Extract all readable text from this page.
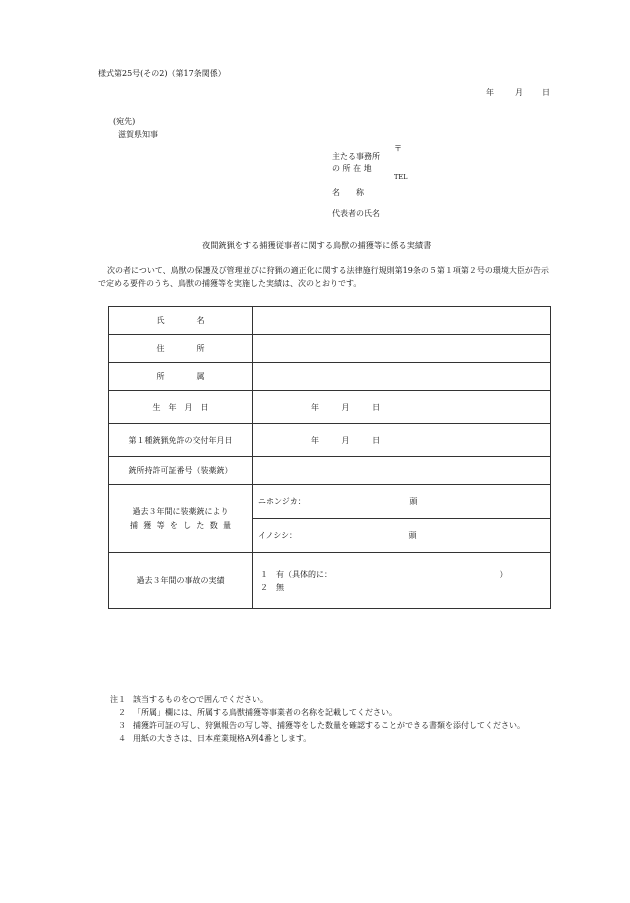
様式第25号(その2)（第17条関係）
年	月 日
(宛先)
滋賀県知事
〒
主たる事務所
の 所 在 地
TEL
名　　称
代表者の氏名
夜間銃猟をする捕獲従事者に関する鳥獣の捕獲等に係る実績書
次の者について、鳥獣の保護及び管理並びに狩猟の適正化に関する法律施行規則第19条の５第１項第２号の環境大臣が告示で定める要件のうち、鳥獣の捕獲等を実施した実績は、次のとおりです。
氏　　　　名	
住　　　　所	
所　　　　属	
生　年　月　日	年 月 日
第１種銃猟免許の交付年月日	年 月 日
銃所持許可証番号（装薬銃）	

過去３年間に装薬銃により
捕獲等をした数量	ニホンジカ： 頭
	イノシシ： 頭
過去３年間の事故の実績	１　有（具体的に： ）
２　無
注１ 該当するものを○で囲んでください。
２ 「所属」欄には、所属する鳥獣捕獲等事業者の名称を記載してください。
３ 捕獲許可証の写し、狩猟報告の写し等、捕獲等をした数量を確認することができる書類を添付してください。
４ 用紙の大きさは、日本産業規格A列4番とします。
